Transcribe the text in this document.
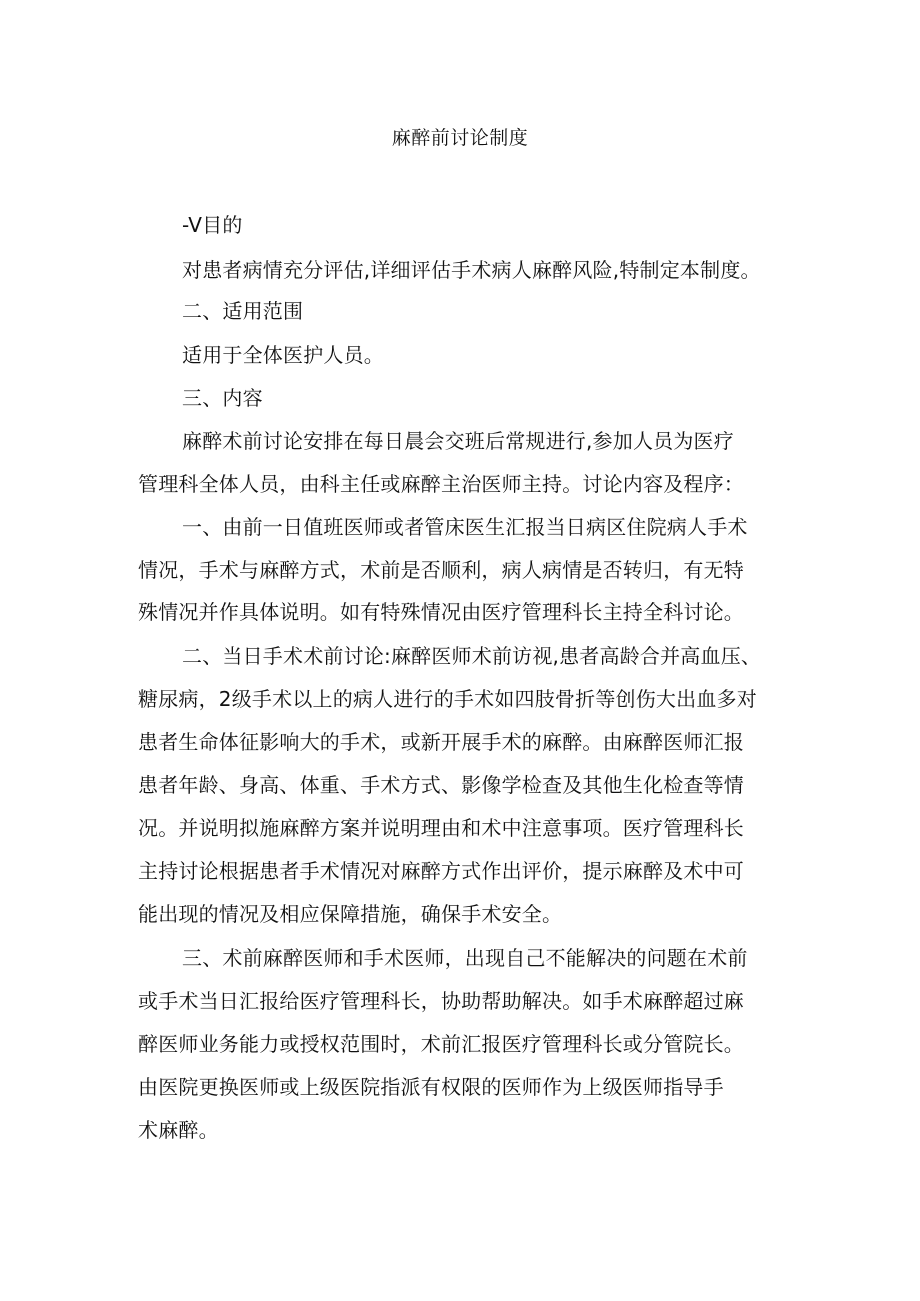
麻醉前讨论制度
-V目的
对患者病情充分评估,详细评估手术病人麻醉风险,特制定本制度。
二、适用范围
适用于全体医护人员。
三、内容
麻醉术前讨论安排在每日晨会交班后常规进行,参加人员为医疗
管理科全体人员，由科主任或麻醉主治医师主持。讨论内容及程序：
一、由前一日值班医师或者管床医生汇报当日病区住院病人手术
情况，手术与麻醉方式，术前是否顺利，病人病情是否转归，有无特
殊情况并作具体说明。如有特殊情况由医疗管理科长主持全科讨论。
二、当日手术术前讨论:麻醉医师术前访视,患者高龄合并高血压、
糖尿病，2级手术以上的病人进行的手术如四肢骨折等创伤大出血多对
患者生命体征影响大的手术，或新开展手术的麻醉。由麻醉医师汇报
患者年龄、身高、体重、手术方式、影像学检查及其他生化检查等情
况。并说明拟施麻醉方案并说明理由和术中注意事项。医疗管理科长
主持讨论根据患者手术情况对麻醉方式作出评价，提示麻醉及术中可
能出现的情况及相应保障措施，确保手术安全。
三、术前麻醉医师和手术医师，出现自己不能解决的问题在术前
或手术当日汇报给医疗管理科长，协助帮助解决。如手术麻醉超过麻
醉医师业务能力或授权范围时，术前汇报医疗管理科长或分管院长。
由医院更换医师或上级医院指派有权限的医师作为上级医师指导手
术麻醉。
